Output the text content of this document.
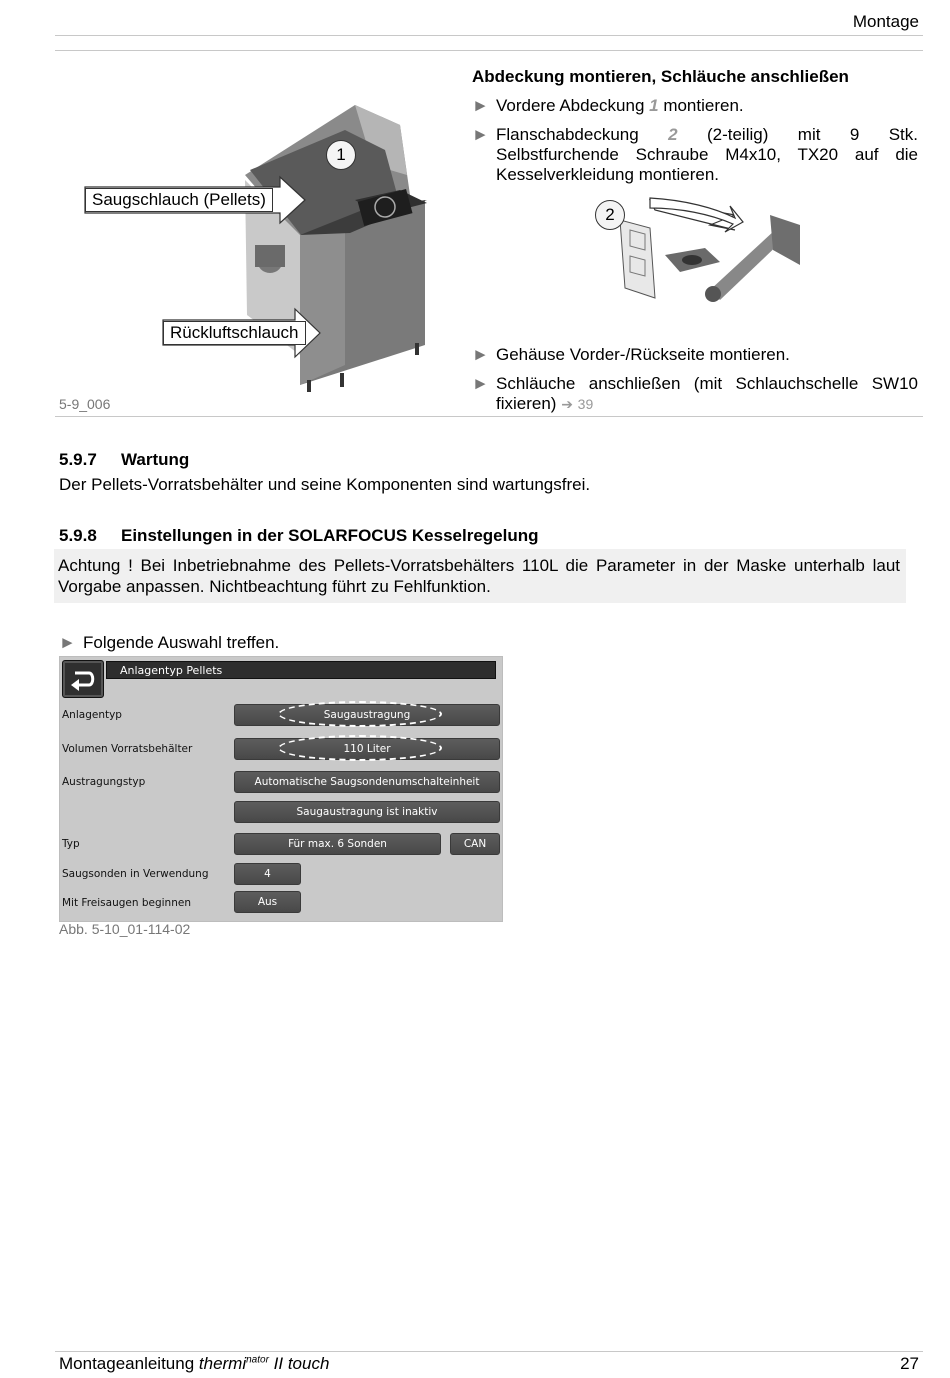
Montage
Saugschlauch (Pellets)
Rückluftschlauch
1
5-9_006
Abdeckung montieren, Schläuche anschließen
► Vordere Abdeckung 1 montieren.
► Flanschabdeckung 2 (2-teilig) mit 9 Stk. Selbstfurchende Schraube M4x10, TX20 auf die Kesselverkleidung montieren.
2
► Gehäuse Vorder-/Rückseite montieren.
► Schläuche anschließen (mit Schlauchschelle SW10 fixieren) ➔ 39
5.9.7 Wartung
Der Pellets-Vorratsbehälter und seine Komponenten sind wartungsfrei.
5.9.8 Einstellungen in der SOLARFOCUS Kesselregelung
Achtung ! Bei Inbetriebnahme des Pellets-Vorratsbehälters 110L die Parameter in der Maske unterhalb laut Vorgabe anpassen. Nichtbeachtung führt zu Fehlfunktion.
► Folgende Auswahl treffen.
Anlagentyp Pellets
Anlagentyp	Saugaustragung
Volumen Vorratsbehälter	110 Liter
Austragungstyp	Automatische Saugsondenumschalteinheit
Saugaustragung ist inaktiv
Typ	Für max. 6 Sonden	CAN
Saugsonden in Verwendung	4
Mit Freisaugen beginnen	Aus
Abb. 5-10_01-114-02
Montageanleitung thermi$^{nator}$ II touch	27
